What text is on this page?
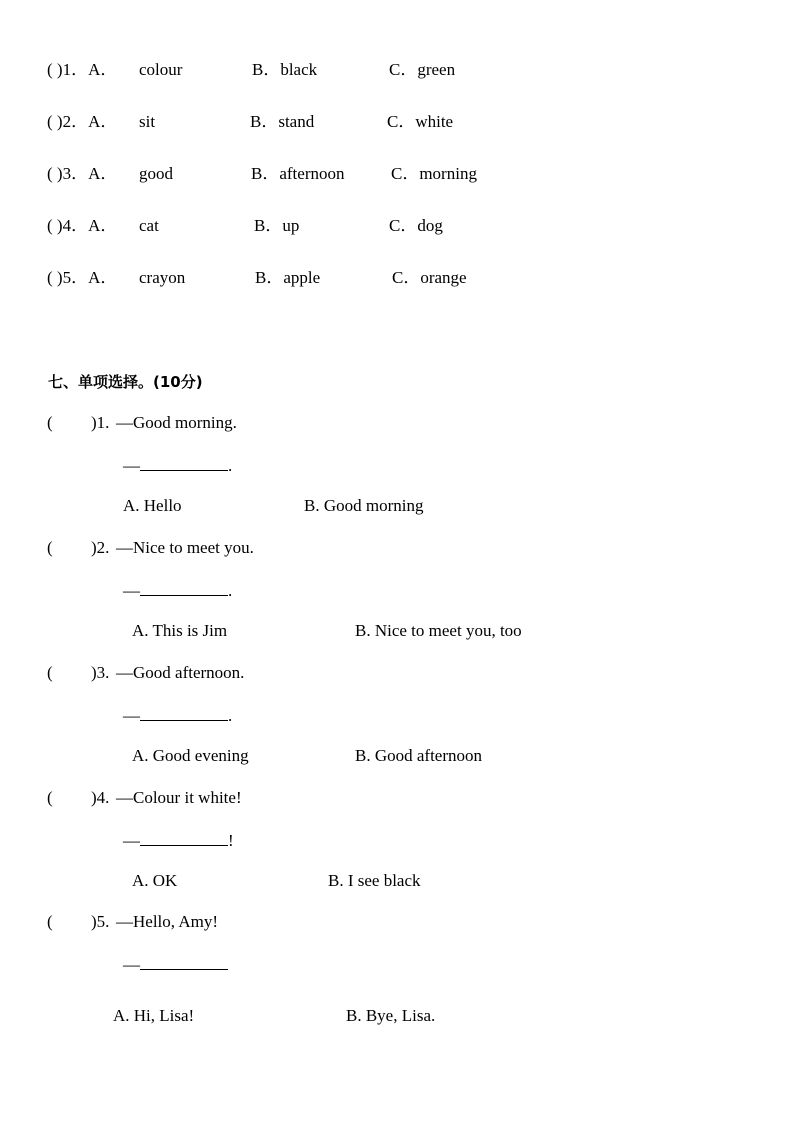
( )1．A． colour	B．black	C．green
( )2．A． sit	B．stand	C．white
( )3．A． good	B．afternoon	C．morning
( )4．A． cat	B．up	C．dog
( )5．A． crayon	B．apple	C．orange
七、单项选择。(10分)
( )1. —Good morning.
—	.
A. Hello	B. Good morning
( )2. —Nice to meet you.
—	.
A. This is Jim	B. Nice to meet you, too
( )3. —Good afternoon.
—	.
A. Good evening	B. Good afternoon
( )4. —Colour it white!
—	!
A. OK	B. I see black
( )5. —Hello, Amy!
—
A. Hi, Lisa!	B. Bye, Lisa.
